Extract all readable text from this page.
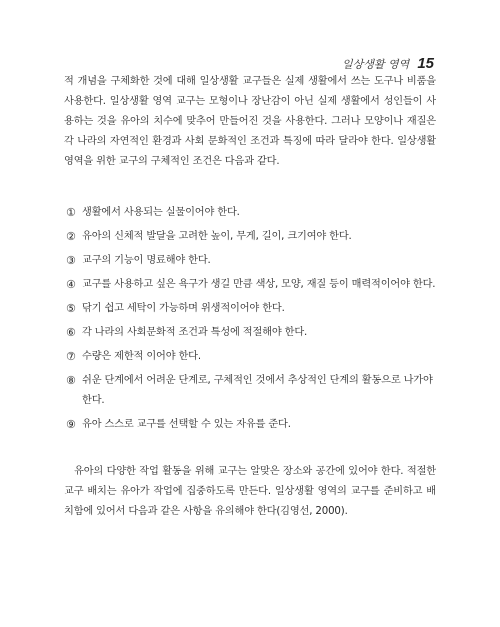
일상생활 영역 15

적 개념을 구체화한 것에 대해 일상생활 교구들은 실제 생활에서 쓰는 도구나 비품을 사용한다. 일상생활 영역 교구는 모형이나 장난감이 아닌 실제 생활에서 성인들이 사용하는 것을 유아의 치수에 맞추어 만들어진 것을 사용한다. 그러나 모양이나 재질은 각 나라의 자연적인 환경과 사회 문화적인 조건과 특징에 따라 달라야 한다. 일상생활 영역을 위한 교구의 구체적인 조건은 다음과 같다.

① 생활에서 사용되는 실물이어야 한다.
② 유아의 신체적 발달을 고려한 높이, 무게, 길이, 크기여야 한다.
③ 교구의 기능이 명료해야 한다.
④ 교구를 사용하고 싶은 욕구가 생길 만큼 색상, 모양, 재질 등이 매력적이어야 한다.
⑤ 닦기 쉽고 세탁이 가능하며 위생적이어야 한다.
⑥ 각 나라의 사회문화적 조건과 특성에 적절해야 한다.
⑦ 수량은 제한적 이어야 한다.
⑧ 쉬운 단계에서 어려운 단계로, 구체적인 것에서 추상적인 단계의 활동으로 나가야 한다.
⑨ 유아 스스로 교구를 선택할 수 있는 자유를 준다.

유아의 다양한 작업 활동을 위해 교구는 알맞은 장소와 공간에 있어야 한다. 적절한 교구 배치는 유아가 작업에 집중하도록 만든다. 일상생활 영역의 교구를 준비하고 배치함에 있어서 다음과 같은 사항을 유의해야 한다(김영선, 2000).
